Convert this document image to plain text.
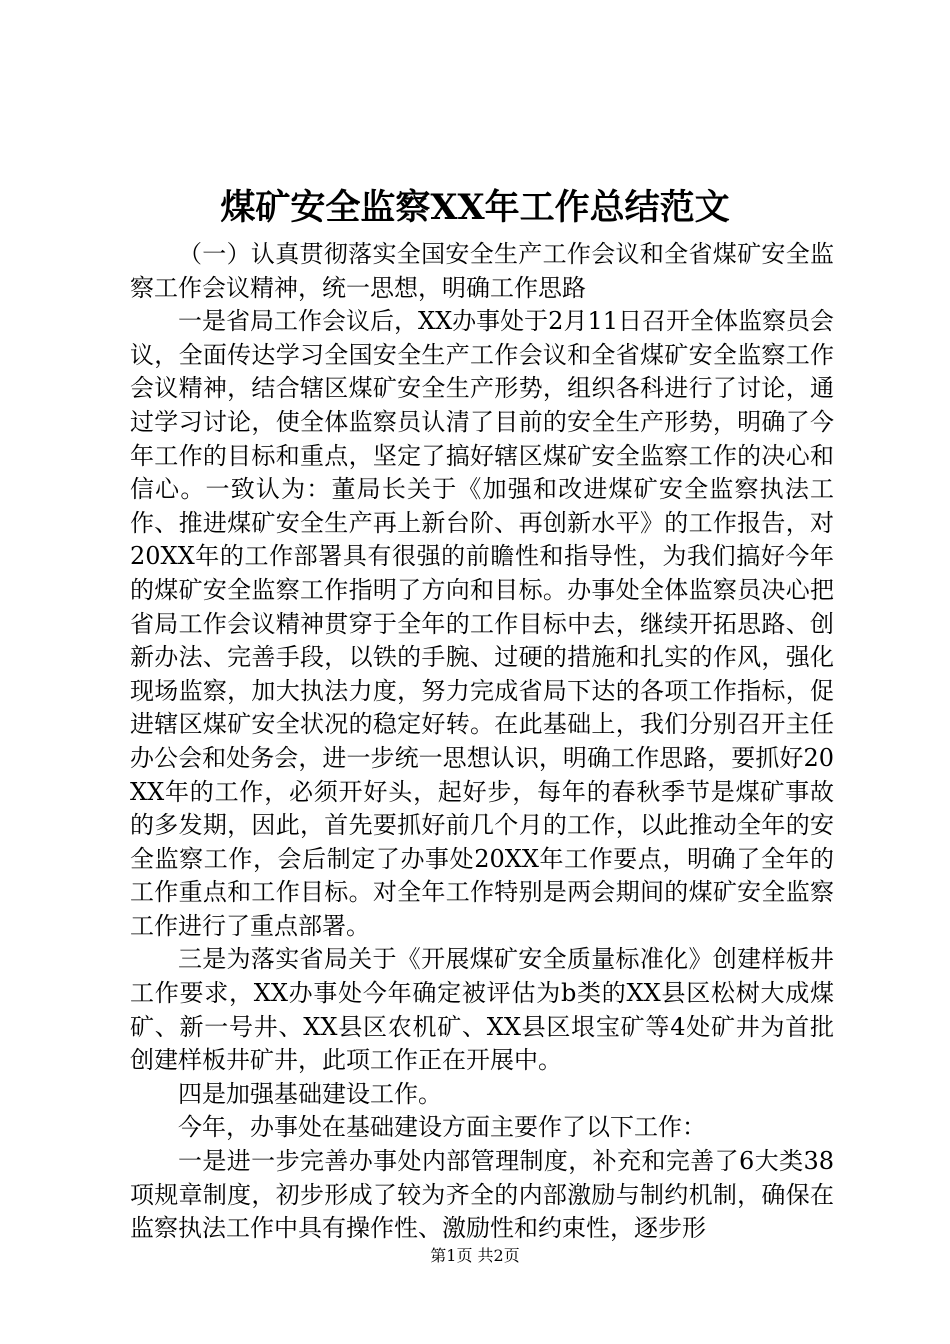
煤矿安全监察XX年工作总结范文

（一）认真贯彻落实全国安全生产工作会议和全省煤矿安全监察工作会议精神，统一思想，明确工作思路

一是省局工作会议后，XX办事处于2月11日召开全体监察员会议，全面传达学习全国安全生产工作会议和全省煤矿安全监察工作会议精神，结合辖区煤矿安全生产形势，组织各科进行了讨论，通过学习讨论，使全体监察员认清了目前的安全生产形势，明确了今年工作的目标和重点，坚定了搞好辖区煤矿安全监察工作的决心和信心。一致认为：董局长关于《加强和改进煤矿安全监察执法工作、推进煤矿安全生产再上新台阶、再创新水平》的工作报告，对20XX年的工作部署具有很强的前瞻性和指导性，为我们搞好今年的煤矿安全监察工作指明了方向和目标。办事处全体监察员决心把省局工作会议精神贯穿于全年的工作目标中去，继续开拓思路、创新办法、完善手段，以铁的手腕、过硬的措施和扎实的作风，强化现场监察，加大执法力度，努力完成省局下达的各项工作指标，促进辖区煤矿安全状况的稳定好转。在此基础上，我们分别召开主任办公会和处务会，进一步统一思想认识，明确工作思路，要抓好20XX年的工作，必须开好头，起好步，每年的春秋季节是煤矿事故的多发期，因此，首先要抓好前几个月的工作，以此推动全年的安全监察工作，会后制定了办事处20XX年工作要点，明确了全年的工作重点和工作目标。对全年工作特别是两会期间的煤矿安全监察工作进行了重点部署。

三是为落实省局关于《开展煤矿安全质量标准化》创建样板井工作要求，XX办事处今年确定被评估为b类的XX县区松树大成煤矿、新一号井、XX县区农机矿、XX县区垠宝矿等4处矿井为首批创建样板井矿井，此项工作正在开展中。

四是加强基础建设工作。

今年，办事处在基础建设方面主要作了以下工作：

一是进一步完善办事处内部管理制度，补充和完善了6大类38项规章制度，初步形成了较为齐全的内部激励与制约机制，确保在监察执法工作中具有操作性、激励性和约束性，逐步形

第1页 共2页
